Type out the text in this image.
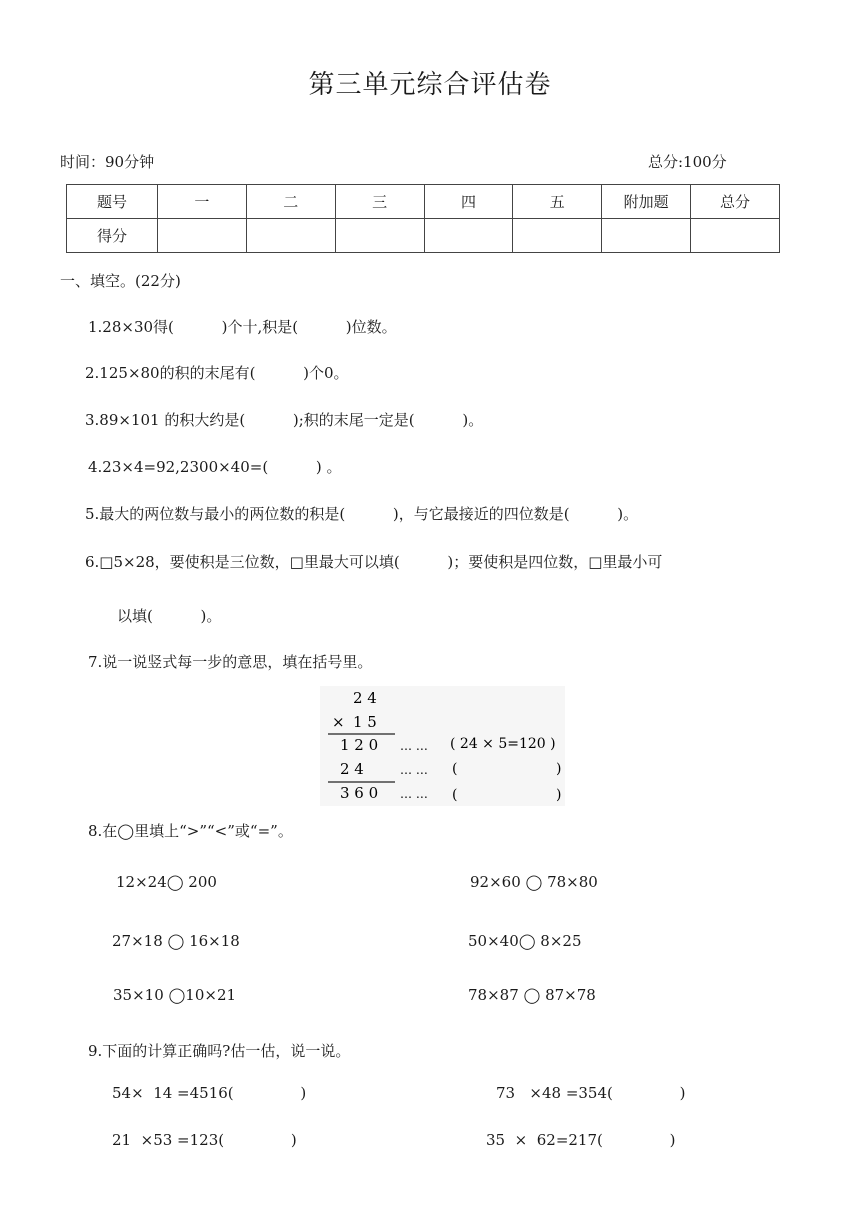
第三单元综合评估卷
时间：90分钟	总分:100分
题号	一	二	三	四	五	附加题	总分
得分							
一、填空。(22分)
1.28×30得(          )个十,积是(          )位数。
2.125×80的积的末尾有(          )个0。
3.89×101 的积大约是(          );积的末尾一定是(          )。
4.23×4=92,2300×40=(          ) 。
5.最大的两位数与最小的两位数的积是(          )，与它最接近的四位数是(          )。
6.□5×28，要使积是三位数，□里最大可以填(          )；要使积是四位数，□里最小可
以填(          )。
7.说一说竖式每一步的意思，填在括号里。
2 4
× 1 5
1 2 0 … … ( 24 × 5=120 )
2 4	… … (	)
3 6 0 … … (	)
8.在◯里填上“>”“<”或“=”。
12×24◯ 200	92×60 ◯ 78×80
27×18 ◯ 16×18	50×40◯ 8×25
35×10 ◯10×21	78×87 ◯ 87×78
9.下面的计算正确吗?估一估，说一说。
54×  14 =4516(              )	73   ×48 =354(              )
21  ×53 =123(              )	35  ×  62=217(              )
